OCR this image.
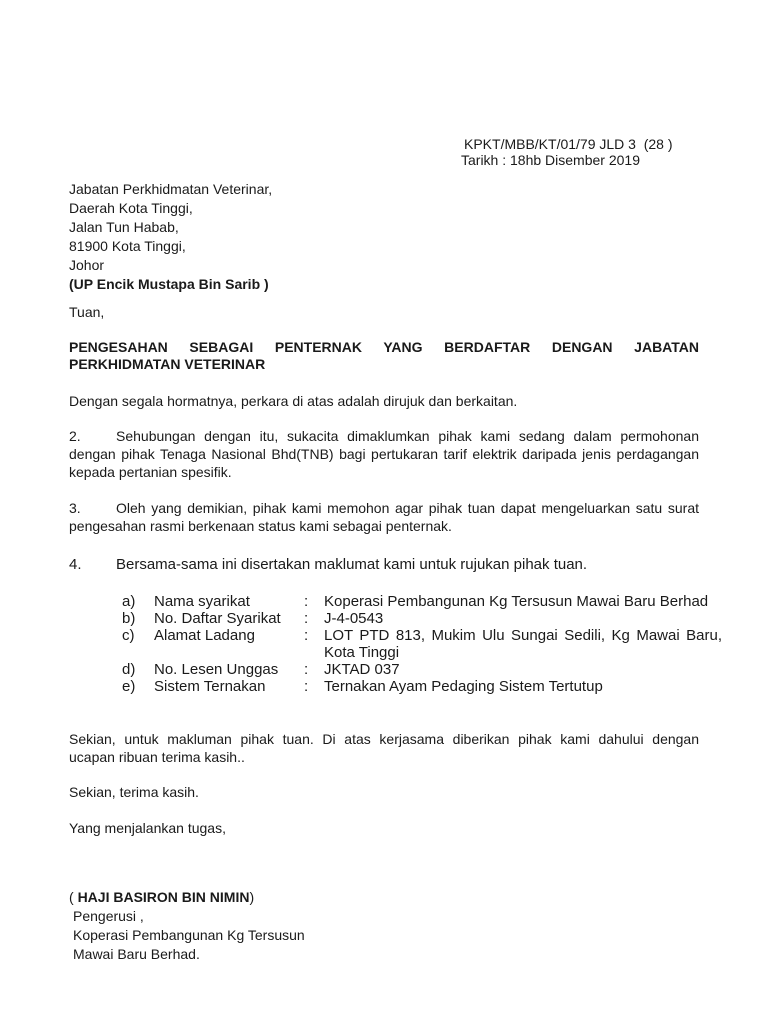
KPKT/MBB/KT/01/79 JLD 3  (28 )
Tarikh : 18hb Disember 2019
Jabatan Perkhidmatan Veterinar,
Daerah Kota Tinggi,
Jalan Tun Habab,
81900 Kota Tinggi,
Johor
(UP Encik Mustapa Bin Sarib )
Tuan,
PENGESAHAN SEBAGAI PENTERNAK YANG BERDAFTAR DENGAN JABATAN
PERKHIDMATAN VETERINAR
Dengan segala hormatnya, perkara di atas adalah dirujuk dan berkaitan.
2.	Sehubungan dengan itu, sukacita dimaklumkan pihak kami sedang dalam permohonan
dengan pihak Tenaga Nasional Bhd(TNB) bagi pertukaran tarif elektrik daripada jenis perdagangan kepada pertanian spesifik.
3.	Oleh yang demikian, pihak kami memohon agar pihak tuan dapat mengeluarkan satu surat
pengesahan rasmi berkenaan status kami sebagai penternak.
4. Bersama-sama ini disertakan maklumat kami untuk rujukan pihak tuan.
a) Nama syarikat	: Koperasi Pembangunan Kg Tersusun Mawai Baru Berhad
b) No. Daftar Syarikat : J-4-0543
c) Alamat Ladang	: LOT PTD 813, Mukim Ulu Sungai Sedili, Kg Mawai Baru, Kota Tinggi
d) No. Lesen Unggas : JKTAD 037
e) Sistem Ternakan	: Ternakan Ayam Pedaging Sistem Tertutup
Sekian, untuk makluman pihak tuan. Di atas kerjasama diberikan pihak kami dahului dengan
ucapan ribuan terima kasih..
Sekian, terima kasih.
Yang menjalankan tugas,
( HAJI BASIRON BIN NIMIN)
Pengerusi ,
Koperasi Pembangunan Kg Tersusun
Mawai Baru Berhad.
